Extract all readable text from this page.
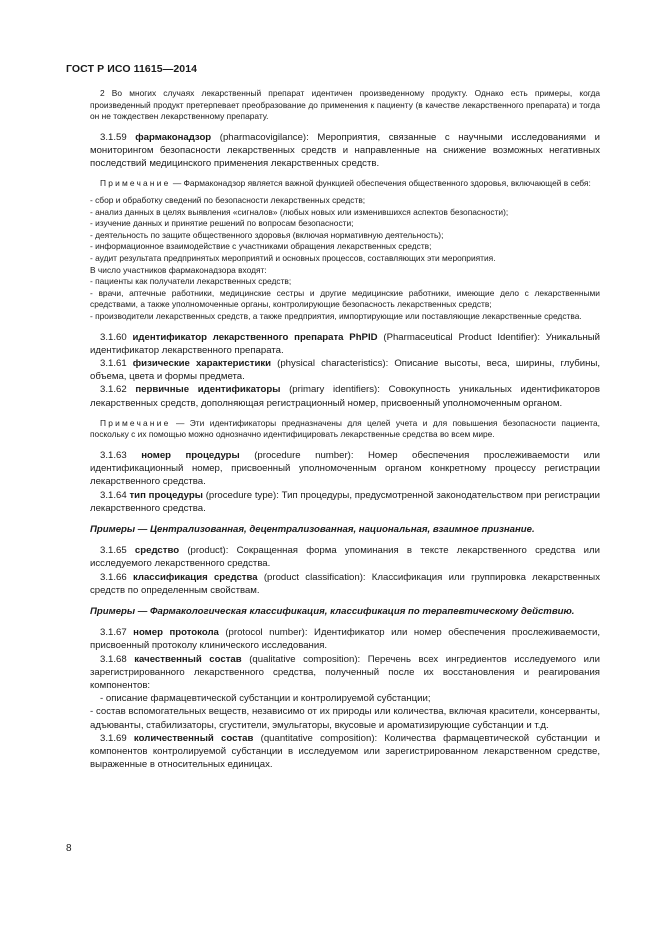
ГОСТ Р ИСО 11615—2014

2 Во многих случаях лекарственный препарат идентичен произведенному продукту. Однако есть примеры, когда произведенный продукт претерпевает преобразование до применения к пациенту (в качестве лекарственного препарата) и тогда он не тождествен лекарственному препарату.

3.1.59 фармаконадзор (pharmacovigilance): Мероприятия, связанные с научными исследованиями и мониторингом безопасности лекарственных средств и направленные на снижение возможных негативных последствий медицинского применения лекарственных средств.

Примечание — Фармаконадзор является важной функцией обеспечения общественного здоровья, включающей в себя:

- сбор и обработку сведений по безопасности лекарственных средств;

- анализ данных в целях выявления «сигналов» (любых новых или изменившихся аспектов безопасности);

- изучение данных и принятие решений по вопросам безопасности;

- деятельность по защите общественного здоровья (включая нормативную деятельность);

- информационное взаимодействие с участниками обращения лекарственных средств;

- аудит результата предпринятых мероприятий и основных процессов, составляющих эти мероприятия.

В число участников фармаконадзора входят:

- пациенты как получатели лекарственных средств;

- врачи, аптечные работники, медицинские сестры и другие медицинские работники, имеющие дело с лекарственными средствами, а также уполномоченные органы, контролирующие безопасность лекарственных средств;

- производители лекарственных средств, а также предприятия, импортирующие или поставляющие лекарственные средства.

3.1.60 идентификатор лекарственного препарата PhPID (Pharmaceutical Product Identifier): Уникальный идентификатор лекарственного препарата.

3.1.61 физические характеристики (physical characteristics): Описание высоты, веса, ширины, глубины, объема, цвета и формы предмета.

3.1.62 первичные идентификаторы (primary identifiers): Совокупность уникальных идентификаторов лекарственных средств, дополняющая регистрационный номер, присвоенный уполномоченным органом.

Примечание — Эти идентификаторы предназначены для целей учета и для повышения безопасности пациента, поскольку с их помощью можно однозначно идентифицировать лекарственные средства во всем мире.

3.1.63 номер процедуры (procedure number): Номер обеспечения прослеживаемости или идентификационный номер, присвоенный уполномоченным органом конкретному процессу регистрации лекарственного средства.

3.1.64 тип процедуры (procedure type): Тип процедуры, предусмотренной законодательством при регистрации лекарственного средства.

Примеры — Централизованная, децентрализованная, национальная, взаимное признание.

3.1.65 средство (product): Сокращенная форма упоминания в тексте лекарственного средства или исследуемого лекарственного средства.

3.1.66 классификация средства (product classification): Классификация или группировка лекарственных средств по определенным свойствам.

Примеры — Фармакологическая классификация, классификация по терапевтическому действию.

3.1.67 номер протокола (protocol number): Идентификатор или номер обеспечения прослеживаемости, присвоенный протоколу клинического исследования.

3.1.68 качественный состав (qualitative composition): Перечень всех ингредиентов исследуемого или зарегистрированного лекарственного средства, полученный после их восстановления и реагирования компонентов:

- описание фармацевтической субстанции и контролируемой субстанции;

- состав вспомогательных веществ, независимо от их природы или количества, включая красители, консерванты, адъюванты, стабилизаторы, сгустители, эмульгаторы, вкусовые и ароматизирующие субстанции и т.д.

3.1.69 количественный состав (quantitative composition): Количества фармацевтической субстанции и компонентов контролируемой субстанции в исследуемом или зарегистрированном лекарственном средстве, выраженные в относительных единицах.

8
